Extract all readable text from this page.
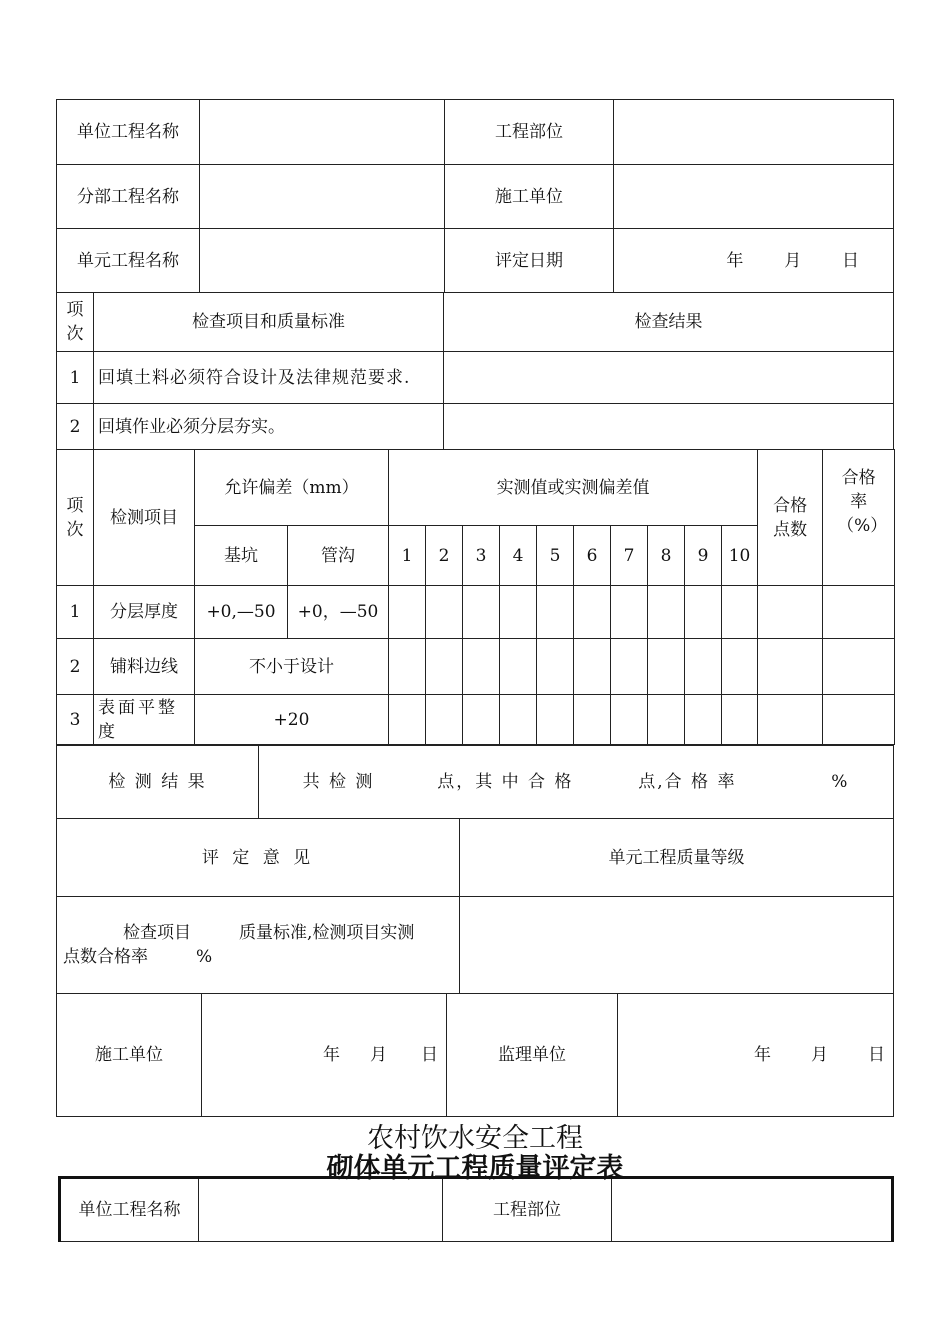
单位工程名称		工程部位	
分部工程名称		施工单位	
单元工程名称		评定日期	年 月 日
项次	检查项目和质量标准	检查结果
1	回填土料必须符合设计及法律规范要求.	
2	回填作业必须分层夯实。	
项次	检测项目	允许偏差（mm）		实测值或实测偏差值										合格点数	合格率（%）
		基坑	管沟	1	2	3	4	5	6	7	8	9	10		
1	分层厚度	+0,—50	+0，—50												
2	铺料边线	不小于设计													
3	表面平整度	+20													
检 测 结 果	共 检 测	点，其 中 合 格	点,合 格 率	%
评 定 意 见	单元工程质量等级
检查项目 质量标准,检测项目实测
点数合格率 %	
施工单位	年 月 日	监理单位	年 月 日
农村饮水安全工程
砌体单元工程质量评定表
单位工程名称		工程部位	
